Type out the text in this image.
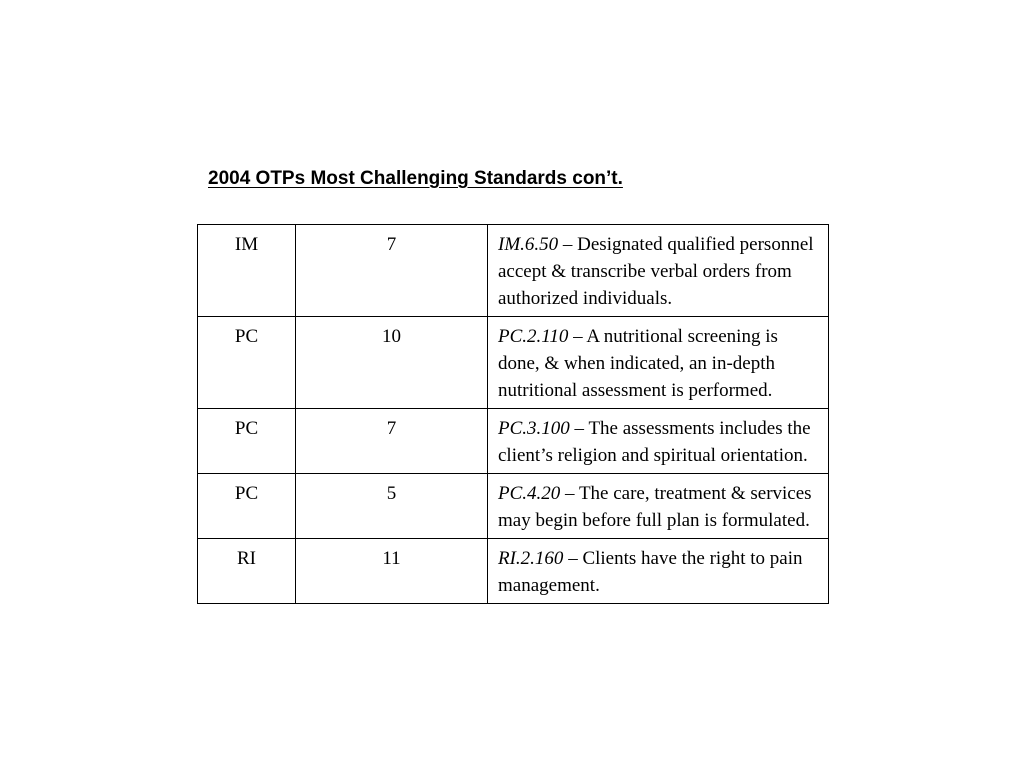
2004 OTPs Most Challenging Standards con’t.
IM	7	IM.6.50 – Designated qualified personnel accept & transcribe verbal orders from authorized individuals.
PC	10	PC.2.110 – A nutritional screening is done, & when indicated, an in-depth nutritional assessment is performed.
PC	7	PC.3.100 – The assessments includes the client’s religion and spiritual orientation.
PC	5	PC.4.20 – The care, treatment & services may begin before full plan is formulated.
RI	11	RI.2.160 – Clients have the right to pain management.
